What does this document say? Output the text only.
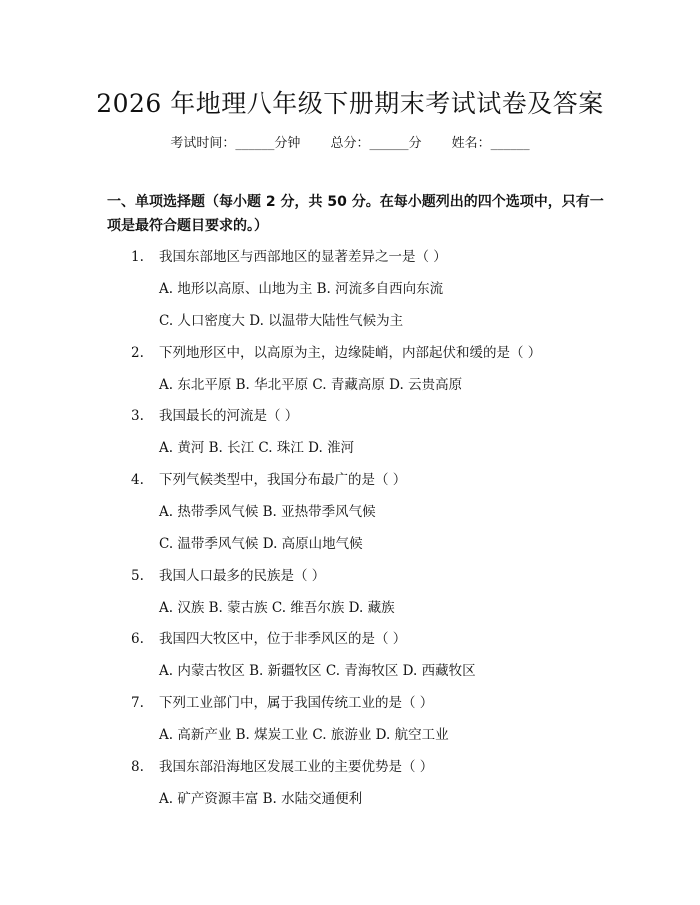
2026 年地理八年级下册期末考试试卷及答案
考试时间：______分钟 总分：______分 姓名：______
一、单项选择题（每小题 2 分，共 50 分。在每小题列出的四个选项中，只有一项是最符合题目要求的。）
1. 我国东部地区与西部地区的显著差异之一是（ ）
A. 地形以高原、山地为主 B. 河流多自西向东流
C. 人口密度大 D. 以温带大陆性气候为主
2. 下列地形区中，以高原为主，边缘陡峭，内部起伏和缓的是（ ）
A. 东北平原 B. 华北平原 C. 青藏高原 D. 云贵高原
3. 我国最长的河流是（ ）
A. 黄河 B. 长江 C. 珠江 D. 淮河
4. 下列气候类型中，我国分布最广的是（ ）
A. 热带季风气候 B. 亚热带季风气候
C. 温带季风气候 D. 高原山地气候
5. 我国人口最多的民族是（ ）
A. 汉族 B. 蒙古族 C. 维吾尔族 D. 藏族
6. 我国四大牧区中，位于非季风区的是（ ）
A. 内蒙古牧区 B. 新疆牧区 C. 青海牧区 D. 西藏牧区
7. 下列工业部门中，属于我国传统工业的是（ ）
A. 高新产业 B. 煤炭工业 C. 旅游业 D. 航空工业
8. 我国东部沿海地区发展工业的主要优势是（ ）
A. 矿产资源丰富 B. 水陆交通便利
